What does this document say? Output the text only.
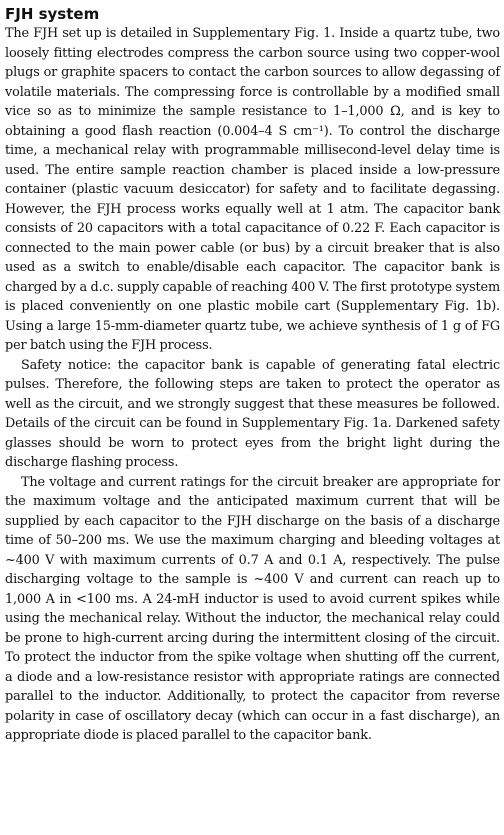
FJH system

The FJH set up is detailed in Supplementary Fig. 1. Inside a quartz tube, two loosely fitting electrodes compress the carbon source using two copper-wool plugs or graphite spacers to contact the carbon sources to allow degassing of volatile materials. The compressing force is controllable by a modified small vice so as to minimize the sample resistance to 1–1,000 Ω, and is key to obtaining a good flash reaction (0.004–4 S cm⁻¹). To control the discharge time, a mechanical relay with programmable millisecond-level delay time is used. The entire sample reaction chamber is placed inside a low-pressure container (plastic vacuum desiccator) for safety and to facilitate degassing. However, the FJH process works equally well at 1 atm. The capacitor bank consists of 20 capacitors with a total capacitance of 0.22 F. Each capacitor is connected to the main power cable (or bus) by a circuit breaker that is also used as a switch to enable/disable each capacitor. The capacitor bank is charged by a d.c. supply capable of reaching 400 V. The first prototype system is placed conveniently on one plastic mobile cart (Supplementary Fig. 1b). Using a large 15-mm-diameter quartz tube, we achieve synthesis of 1 g of FG per batch using the FJH process.

Safety notice: the capacitor bank is capable of generating fatal electric pulses. Therefore, the following steps are taken to protect the operator as well as the circuit, and we strongly suggest that these measures be followed. Details of the circuit can be found in Supplementary Fig. 1a. Darkened safety glasses should be worn to protect eyes from the bright light during the discharge flashing process.

The voltage and current ratings for the circuit breaker are appropriate for the maximum voltage and the anticipated maximum current that will be supplied by each capacitor to the FJH discharge on the basis of a discharge time of 50–200 ms. We use the maximum charging and bleeding voltages at ~400 V with maximum currents of 0.7 A and 0.1 A, respectively. The pulse discharging voltage to the sample is ~400 V and current can reach up to 1,000 A in <100 ms. A 24-mH inductor is used to avoid current spikes while using the mechanical relay. Without the inductor, the mechanical relay could be prone to high-current arcing during the intermittent closing of the circuit. To protect the inductor from the spike voltage when shutting off the current, a diode and a low-resistance resistor with appropriate ratings are connected parallel to the inductor. Additionally, to protect the capacitor from reverse polarity in case of oscillatory decay (which can occur in a fast discharge), an appropriate diode is placed parallel to the capacitor bank.
